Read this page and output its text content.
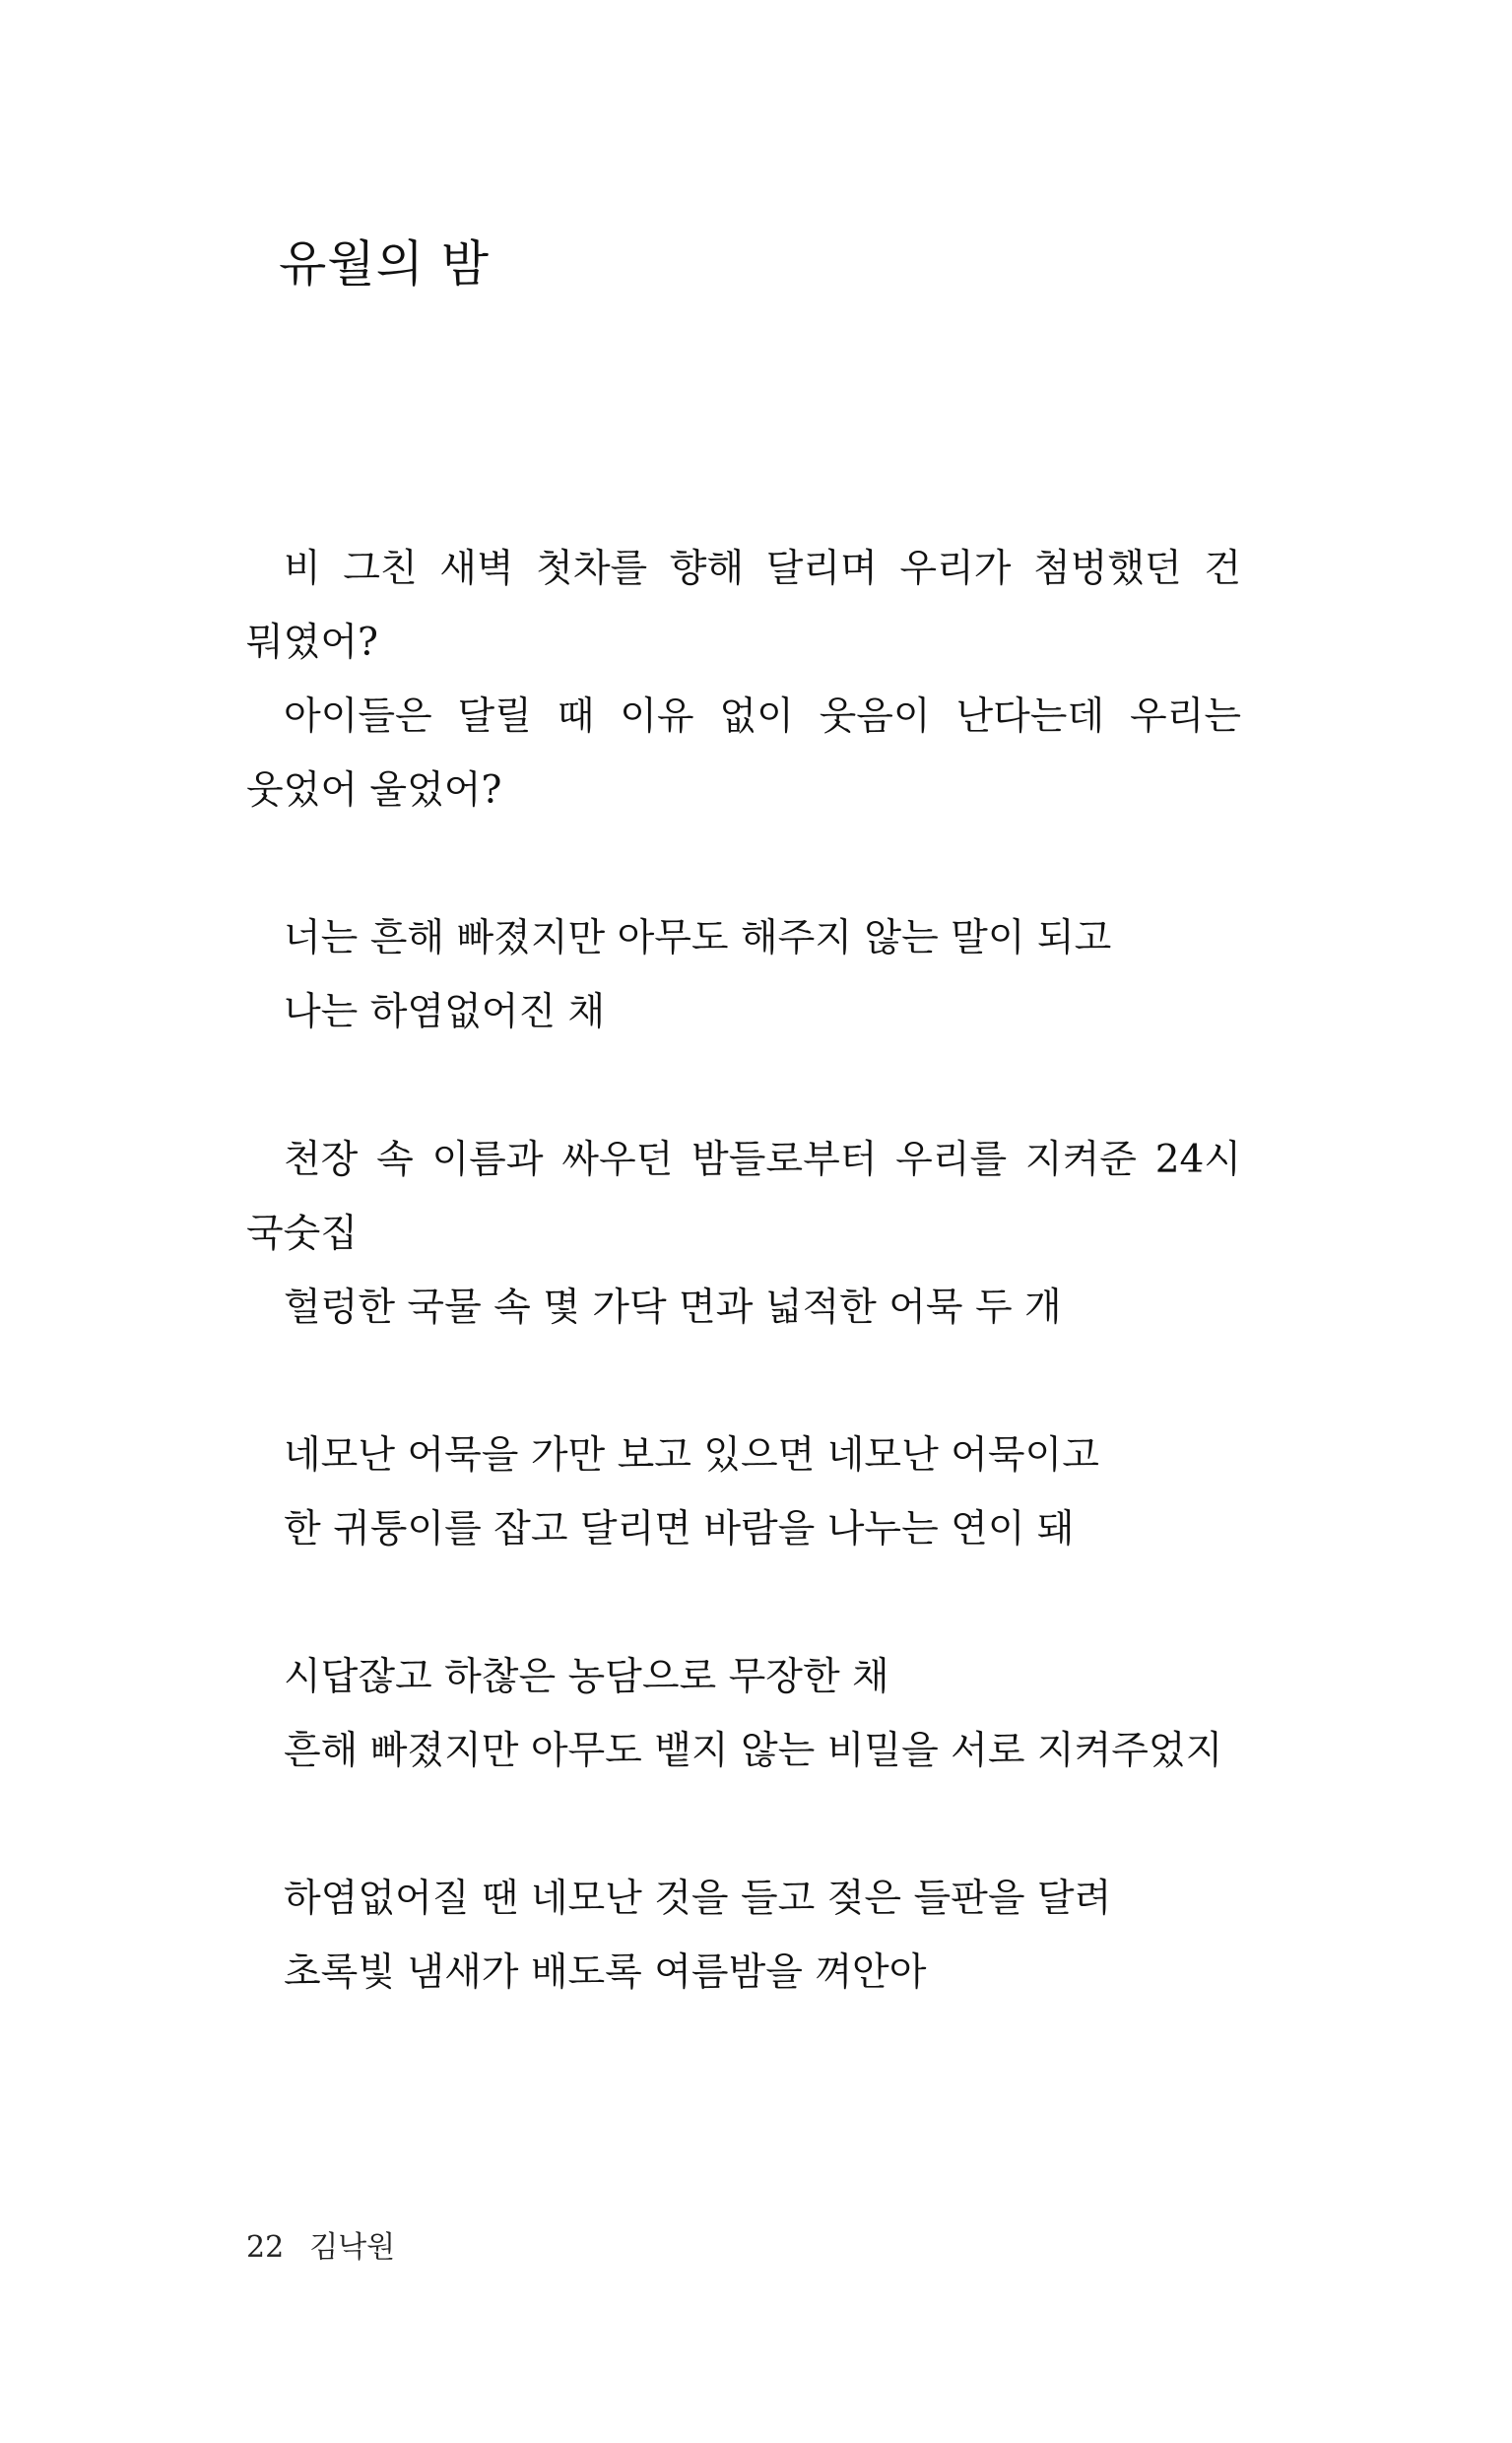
유월의 밤
비 그친 새벽 첫차를 향해 달리며 우리가 첨벙했던 건
뭐였어?
아이들은 달릴 때 이유 없이 웃음이 난다는데 우리는
웃었어 울었어?
너는 흔해 빠졌지만 아무도 해주지 않는 말이 되고
나는 하염없어진 채
천장 속 이름과 싸우던 밤들로부터 우리를 지켜준 24시
국숫집
헐렁한 국물 속 몇 가닥 면과 넓적한 어묵 두 개
네모난 어묵을 가만 보고 있으면 네모난 어묵이고
한 귀퉁이를 잡고 달리면 바람을 나누는 연이 돼
시답잖고 하찮은 농담으로 무장한 채
흔해 빠졌지만 아무도 뱉지 않는 비밀을 서로 지켜주었지
하염없어질 땐 네모난 것을 들고 젖은 들판을 달려
초록빛 냄새가 배도록 여름밤을 껴안아
22 김낙원
